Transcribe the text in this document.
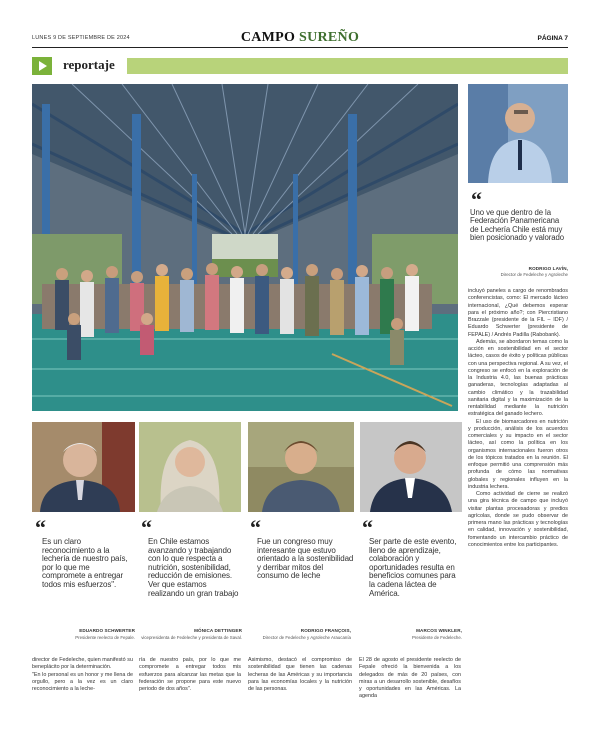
LUNES 9 DE SEPTIEMBRE DE 2024	CAMPO SUREÑO	PÁGINA 7
reportaje
“
Uno ve que dentro de la Federación Panamericana de Lechería Chile está muy bien posicionado y valorado
RODRIGO LAVÍN,
Director de Fedeleche y Agroleche

incluyó paneles a cargo de renombrados conferencistas, como: El mercado lácteo internacional, ¿Qué debemos esperar para el próximo año?; con Piercristiano Brazzale (presidente de la FIL – IDF) / Eduardo Schwerter (presidente de FEPALE) / Andrés Padilla (Rabobank).

Además, se abordaron temas como la acción en sostenibilidad en el sector lácteo, casos de éxito y políticas públicas con una perspectiva regional. A su vez, el congreso se enfocó en la exploración de la Industria 4.0, las buenas prácticas ganaderas, tecnologías adaptadas al cambio climático y la trazabilidad sanitaria digital y la maximización de la rentabilidad mediante la nutrición estratégica del ganado lechero.

El uso de biomarcadores en nutrición y producción, análisis de los acuerdos comerciales y su impacto en el sector lácteo, así como la política en los organismos internacionales fueron otros de los tópicos tratados en la reunión. El enfoque permitió una comprensión más profunda de cómo las normativas globales y regionales influyen en la industria lechera.

Como actividad de cierre se realizó una gira técnica de campo que incluyó visitar plantas procesadoras y predios agrícolas, donde se pudo observar de primera mano las prácticas y tecnologías en calidad, innovación y sostenibilidad, fomentando un intercambio práctico de conocimientos entre los participantes.

“
Es un claro reconocimiento a la lechería de nuestro país, por lo que me compromete a entregar todos mis esfuerzos".
EDUARDO SCHWERTER
Presidente reelecto de Fepale.
“
En Chile estamos avanzando y trabajando con lo que respecta a nutrición, sostenibilidad, reducción de emisiones. Ver que estamos realizando un gran trabajo
MÓNICA DETTINGER
vicepresidenta de Fedeleche y presidenta de Saval.
“
Fue un congreso muy interesante que estuvo orientado a la sostenibilidad y derribar mitos del consumo de leche
RODRIGO FRANÇOIS,
Director de Fedeleche y Agroleche Araucanía
“
Ser parte de este evento, lleno de aprendizaje, colaboración y oportunidades resulta en beneficios comunes para la cadena láctea de América.
MARCOS WINKLER,
Presidente de Fedeleche.
director de Fedeleche, quien manifestó su beneplácito por la determinación.
"En lo personal es un honor y me llena de orgullo, pero a la vez es un claro reconocimiento a la leche-
ría de nuestro país, por lo que me compromete a entregar todos mis esfuerzos para alcanzar las metas que la federación se propone para este nuevo periodo de dos años".
Asimismo, destacó el compromiso de sostenibilidad que tienen las cadenas lecheras de las Américas y su importancia para las economías locales y la nutrición de las personas.
El 28 de agosto el presidente reelecto de Fepale ofreció la bienvenida a los delegados de más de 20 países, con miras a un desarrollo sostenible, desafíos y oportunidades en las Américas. La agenda
